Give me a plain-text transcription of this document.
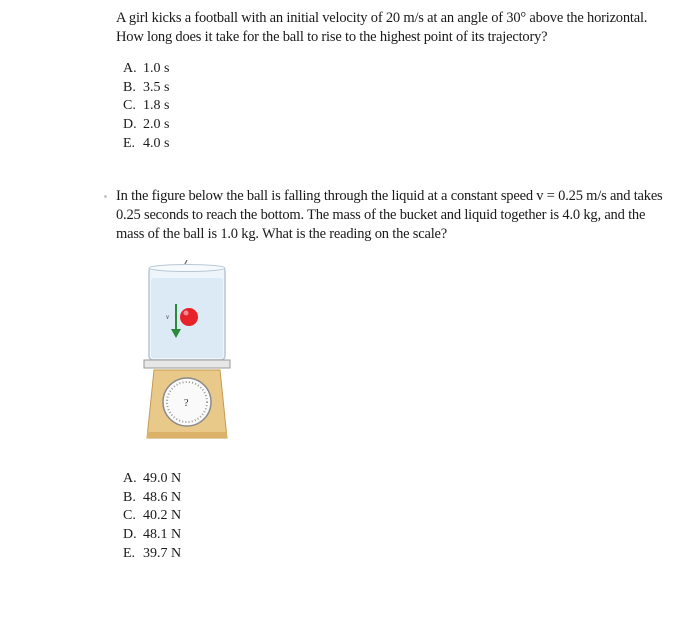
A girl kicks a football with an initial velocity of 20 m/s at an angle of 30° above the horizontal.
How long does it take for the ball to rise to the highest point of its trajectory?
A. 1.0 s
B. 3.5 s
C. 1.8 s
D. 2.0 s
E. 4.0 s
In the figure below the ball is falling through the liquid at a constant speed v = 0.25 m/s and takes
0.25 seconds to reach the bottom. The mass of the bucket and liquid together is 4.0 kg, and the
mass of the ball is 1.0 kg. What is the reading on the scale?
v
?
A. 49.0 N
B. 48.6 N
C. 40.2 N
D. 48.1 N
E. 39.7 N
